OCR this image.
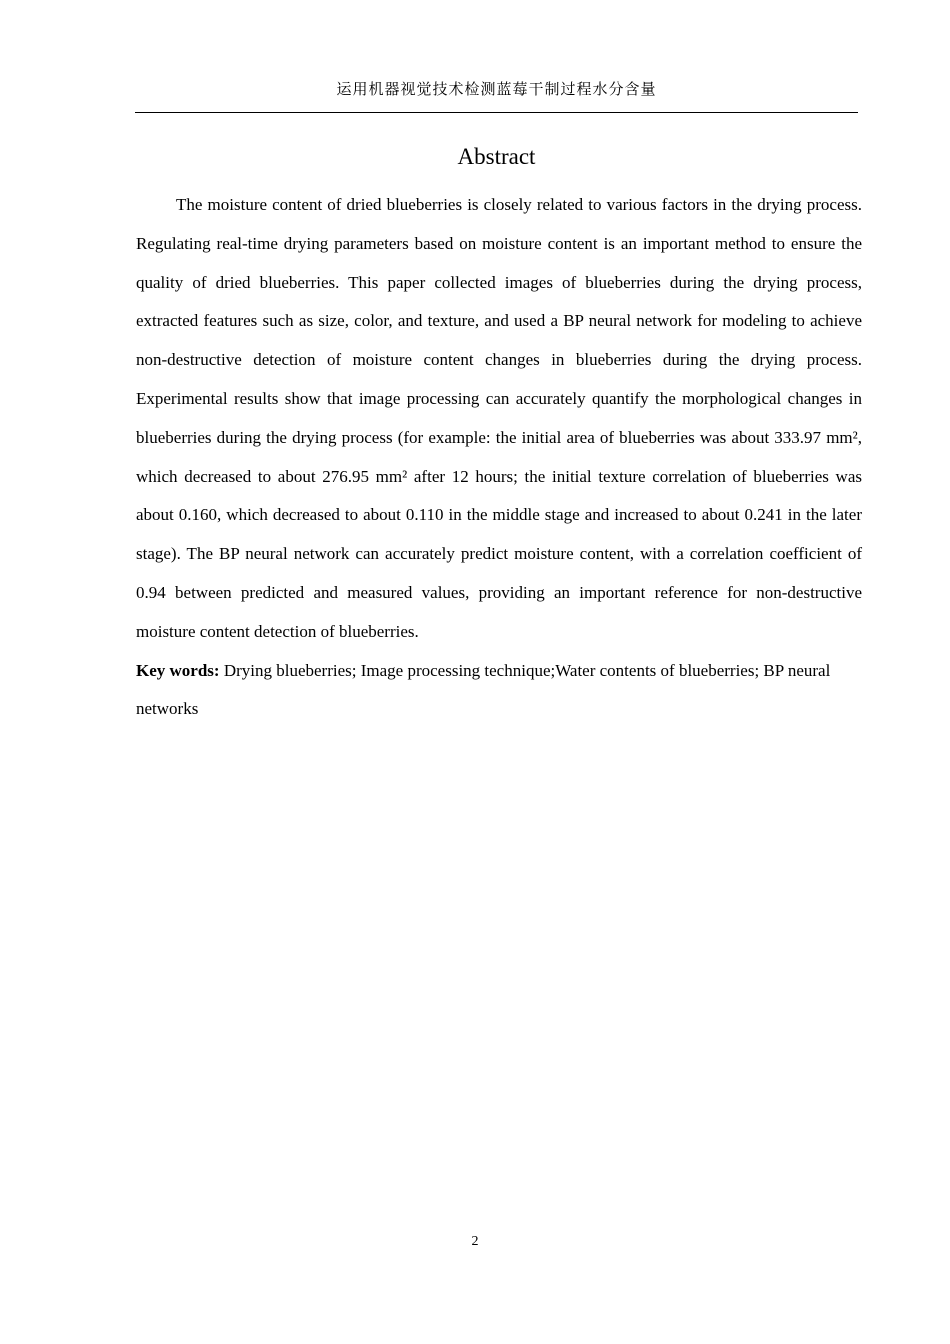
运用机器视觉技术检测蓝莓干制过程水分含量
Abstract

The moisture content of dried blueberries is closely related to various factors in the drying process. Regulating real-time drying parameters based on moisture content is an important method to ensure the quality of dried blueberries. This paper collected images of blueberries during the drying process, extracted features such as size, color, and texture, and used a BP neural network for modeling to achieve non-destructive detection of moisture content changes in blueberries during the drying process. Experimental results show that image processing can accurately quantify the morphological changes in blueberries during the drying process (for example: the initial area of blueberries was about 333.97 mm², which decreased to about 276.95 mm² after 12 hours; the initial texture correlation of blueberries was about 0.160, which decreased to about 0.110 in the middle stage and increased to about 0.241 in the later stage). The BP neural network can accurately predict moisture content, with a correlation coefficient of 0.94 between predicted and measured values, providing an important reference for non-destructive moisture content detection of blueberries.

Key words: Drying blueberries; Image processing technique;Water contents of blueberries; BP neural networks

2
